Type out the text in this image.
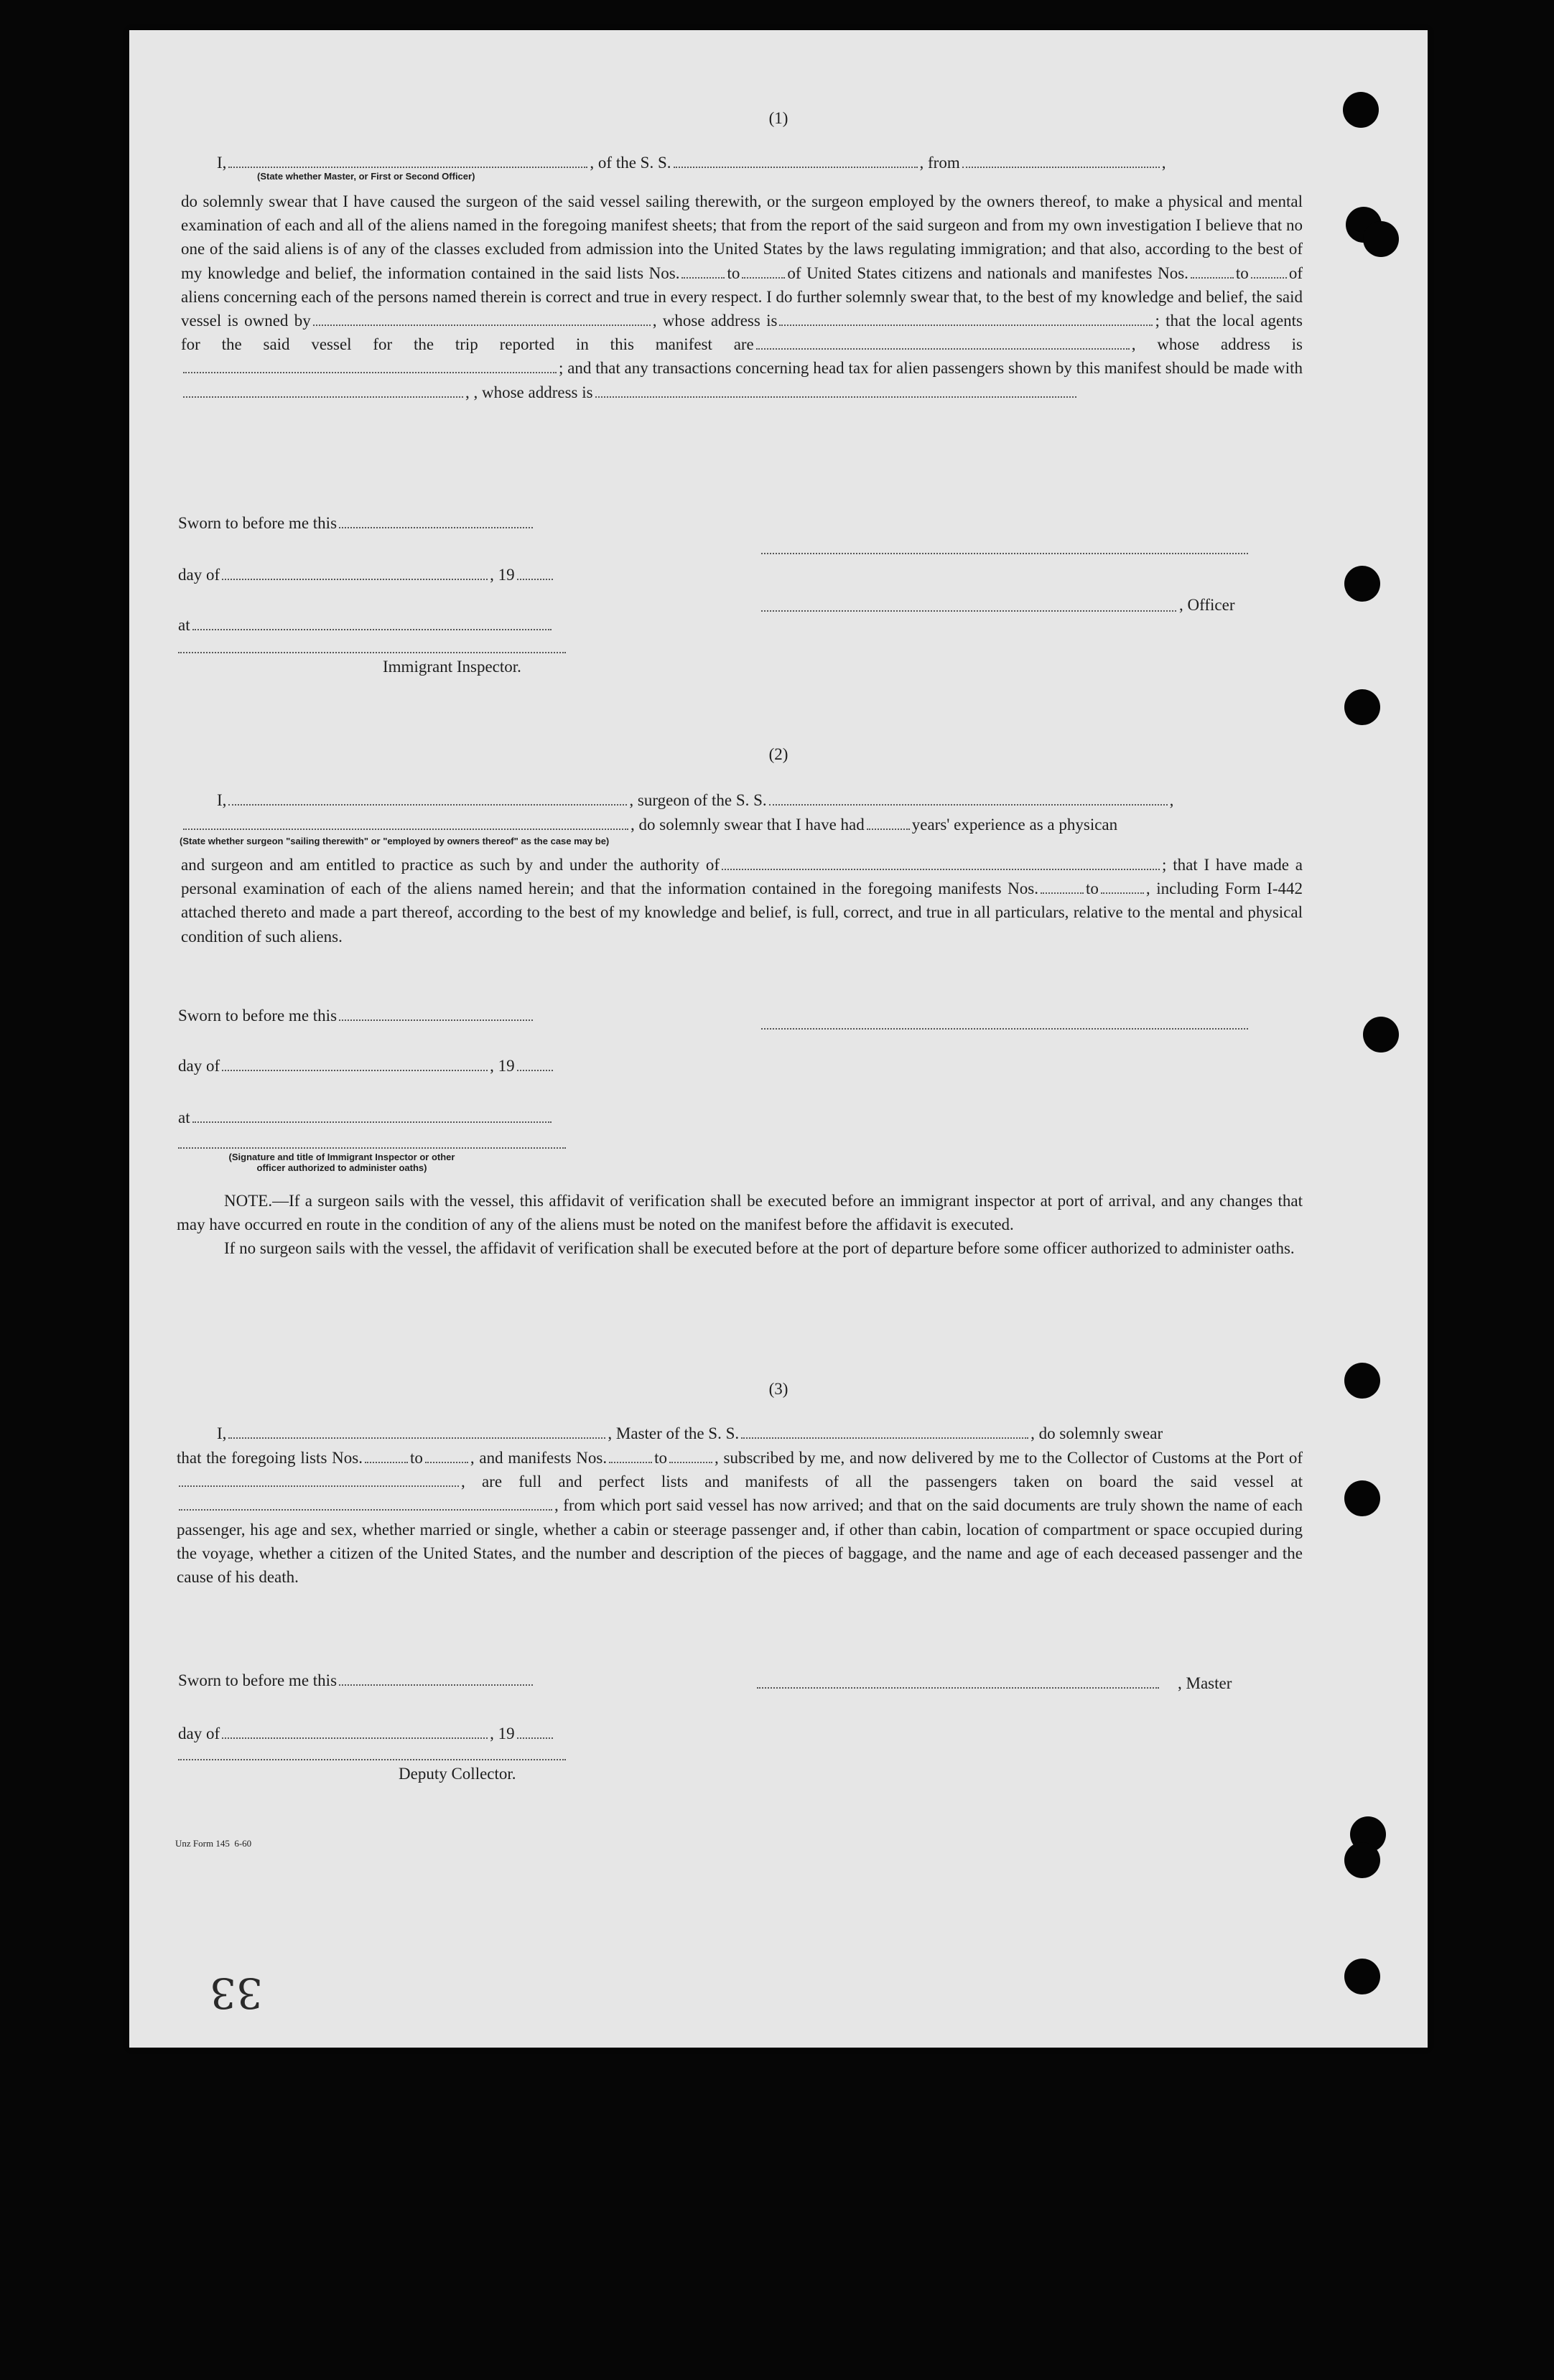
(1)
I,	, of the S. S.	, from	,
(State whether Master, or First or Second Officer)

do solemnly swear that I have caused the surgeon of the said vessel sailing therewith, or the surgeon employed by the owners thereof, to make a physical and mental examination of each and all of the aliens named in the foregoing manifest sheets; that from the report of the said surgeon and from my own investigation I believe that no one of the said aliens is of any of the classes excluded from admission into the United States by the laws regulating immigration; and that also, according to the best of my knowledge and belief, the information contained in the said lists Nos.	to	of United States citizens and nationals and manifestes Nos.	to of aliens concerning each of the persons named therein is correct and true in every respect. I do further solemnly swear that, to the best of my knowledge and belief, the said vessel is owned by	, whose address is	; that the local agents for the said vessel for the trip reported in this manifest are	, whose address is; and that any transactions concerning head tax for alien passengers shown by this manifest should be made with, , whose address is

Sworn to before me this
day of	, 19
at
, Officer
Immigrant Inspector.
(2)
I,	, surgeon of the S. S.	,
, do solemnly swear that I have had	years' experience as a physican
(State whether surgeon "sailing therewith" or "employed by owners thereof" as the case may be)

and surgeon and am entitled to practice as such by and under the authority of	; that I have made a personal examination of each of the aliens named herein; and that the information contained in the foregoing manifests Nos.	to	, including Form I-442 attached thereto and made a part thereof, according to the best of my knowledge and belief, is full, correct, and true in all particulars, relative to the mental and physical condition of such aliens.

Sworn to before me this
day of	, 19
at
(Signature and title of Immigrant Inspector or other
officer authorized to administer oaths)

NOTE.—If a surgeon sails with the vessel, this affidavit of verification shall be executed before an immigrant inspector at port of arrival, and any changes that may have occurred en route in the condition of any of the aliens must be noted on the manifest before the affidavit is executed.

If no surgeon sails with the vessel, the affidavit of verification shall be executed before at the port of departure before some officer authorized to administer oaths.

(3)
I,	, Master of the S. S.	, do solemnly swear

that the foregoing lists Nos.	to	, and manifests Nos.	to	, subscribed by me, and now delivered by me to the Collector of Customs at the Port of, are full and perfect lists and manifests of all the passengers taken on board the said vessel at, from which port said vessel has now arrived; and that on the said documents are truly shown the name of each passenger, his age and sex, whether married or single, whether a cabin or steerage passenger and, if other than cabin, location of compartment or space occupied during the voyage, whether a citizen of the United States, and the number and description of the pieces of baggage, and the name and age of each deceased passenger and the cause of his death.

Sworn to before me this	, Master
day of	, 19
Deputy Collector.
Unz Form 145 6-60
33
